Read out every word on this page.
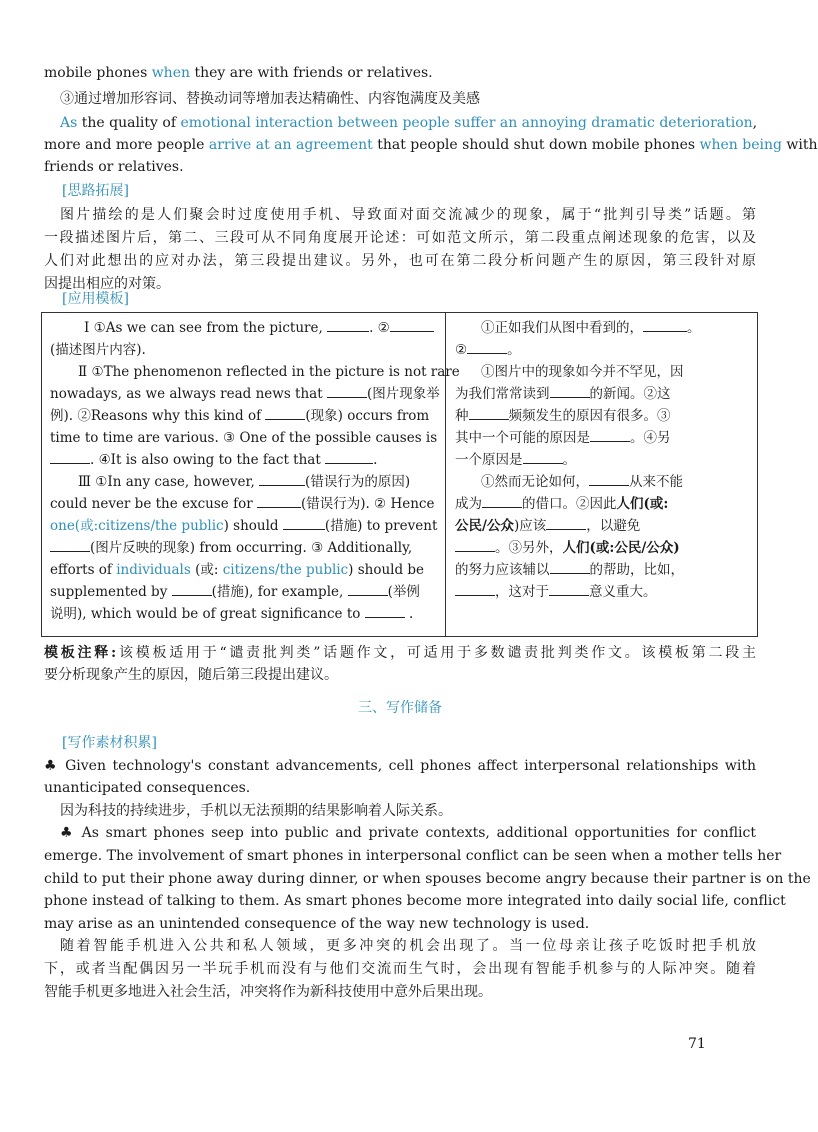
mobile phones when they are with friends or relatives.
③通过增加形容词、替换动词等增加表达精确性、内容饱满度及美感
As the quality of emotional interaction between people suffer an annoying dramatic deterioration,
more and more people arrive at an agreement that people should shut down mobile phones when being with
friends or relatives.
[思路拓展]
图片描绘的是人们聚会时过度使用手机、导致面对面交流减少的现象，属于“批判引导类”话题。第
一段描述图片后，第二、三段可从不同角度展开论述：可如范文所示，第二段重点阐述现象的危害，以及
人们对此想出的应对办法，第三段提出建议。另外，也可在第二段分析问题产生的原因，第三段针对原
因提出相应的对策。
[应用模板]
Ⅰ ①As we can see from the picture,	. ②
(描述图片内容).
Ⅱ ①The phenomenon reflected in the picture is not rare
nowadays, as we always read news that	(图片现象举
例). ②Reasons why this kind of	(现象) occurs from
time to time are various. ③ One of the possible causes is
. ④It is also owing to the fact that	.
Ⅲ ①In any case, however,	(错误行为的原因)
could never be the excuse for	(错误行为). ② Hence
one(或:citizens/the public) should	(措施) to prevent
(图片反映的现象) from occurring. ③ Additionally,
efforts of individuals (或: citizens/the public) should be
supplemented by	(措施), for example,	(举例
说明), which would be of great significance to	.
①正如我们从图中看到的，	。
②	。
①图片中的现象如今并不罕见，因
为我们常常读到	的新闻。②这
种	频频发生的原因有很多。③
其中一个可能的原因是	。④另
一个原因是	。
①然而无论如何，	从来不能
成为	的借口。②因此人们(或:
公民/公众)应该	，以避免
。③另外，人们(或:公民/公众)
的努力应该辅以	的帮助，比如，
，这对于	意义重大。
模板注释:该模板适用于“谴责批判类”话题作文，可适用于多数谴责批判类作文。该模板第二段主
要分析现象产生的原因，随后第三段提出建议。
三、写作储备
[写作素材积累]
♣ Given technology's constant advancements, cell phones affect interpersonal relationships with
unanticipated consequences.
因为科技的持续进步，手机以无法预期的结果影响着人际关系。
♣ As smart phones seep into public and private contexts, additional opportunities for conflict
emerge. The involvement of smart phones in interpersonal conflict can be seen when a mother tells her
child to put their phone away during dinner, or when spouses become angry because their partner is on the
phone instead of talking to them. As smart phones become more integrated into daily social life, conflict
may arise as an unintended consequence of the way new technology is used.
随着智能手机进入公共和私人领域，更多冲突的机会出现了。当一位母亲让孩子吃饭时把手机放
下，或者当配偶因另一半玩手机而没有与他们交流而生气时，会出现有智能手机参与的人际冲突。随着
智能手机更多地进入社会生活，冲突将作为新科技使用中意外后果出现。
71
